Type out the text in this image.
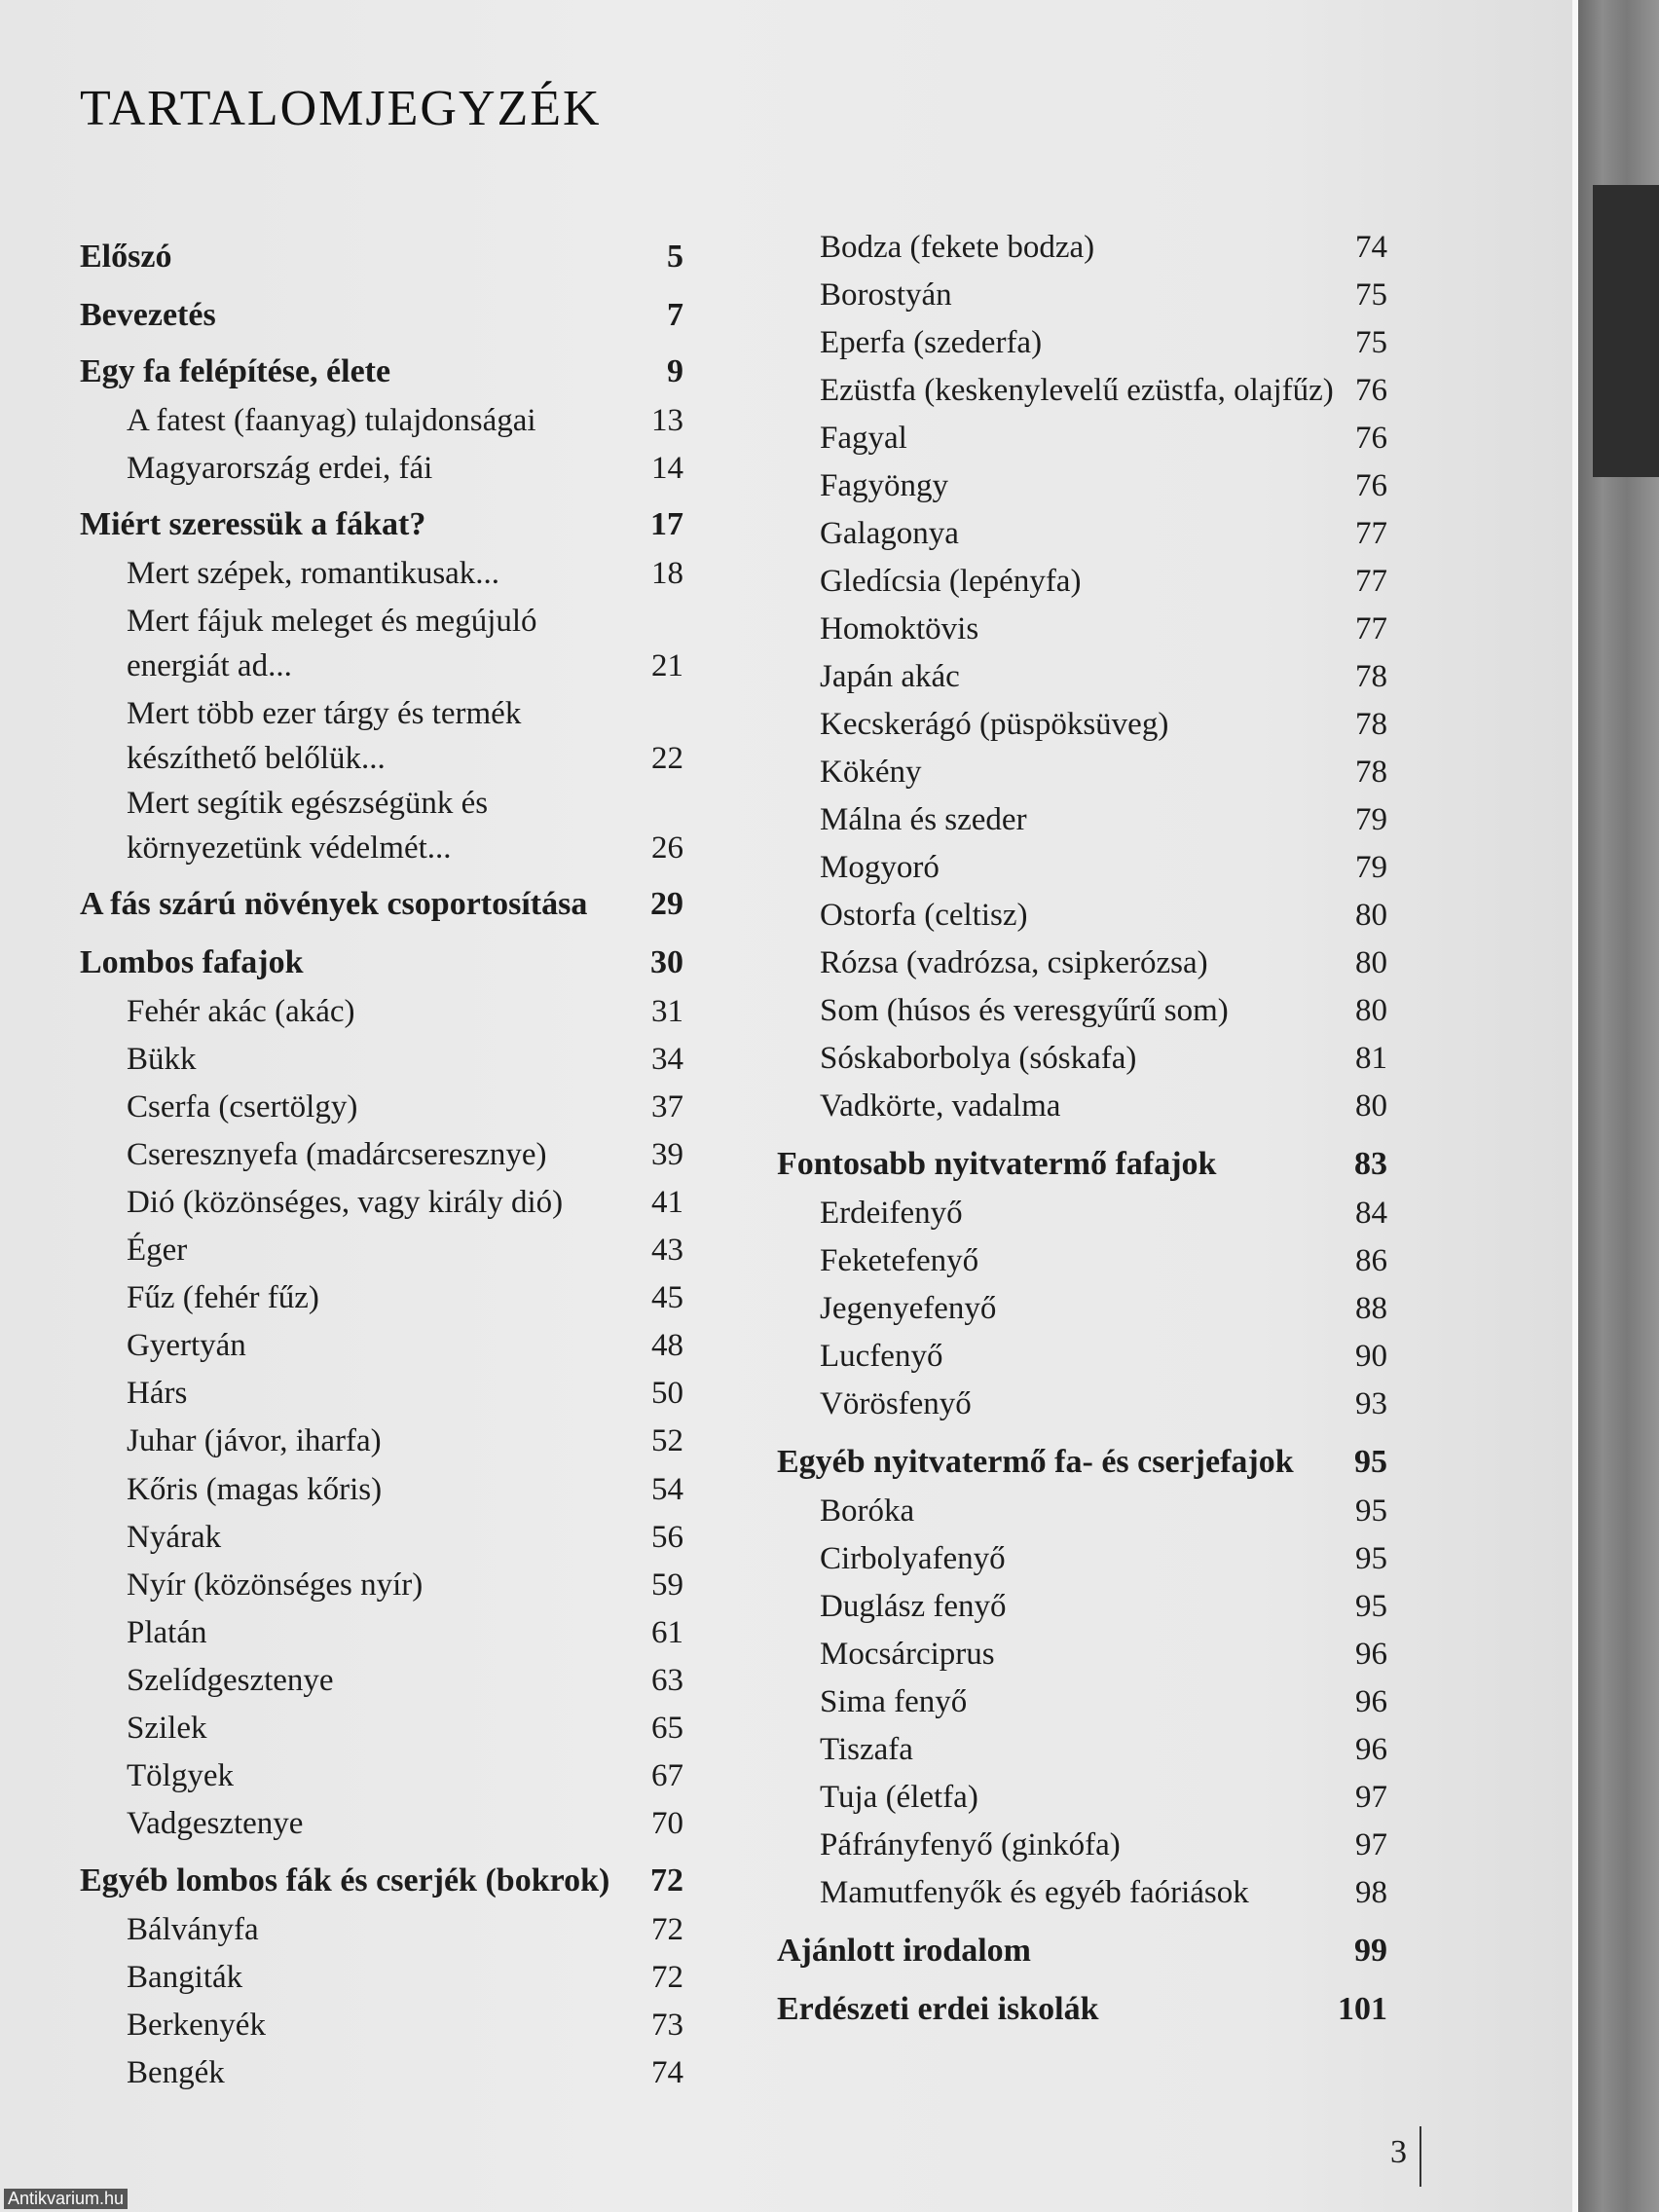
TARTALOMJEGYZÉK
Előszó	5
Bevezetés	7
Egy fa felépítése, élete	9
A fatest (faanyag) tulajdonságai	13
Magyarország erdei, fái	14
Miért szeressük a fákat?	17
Mert szépek, romantikusak...	18
Mert fájuk meleget és megújuló energiát ad...	21
Mert több ezer tárgy és termék készíthető belőlük...	22
Mert segítik egészségünk és környezetünk védelmét...	26
A fás szárú növények csoportosítása	29
Lombos fafajok	30
Fehér akác (akác)	31
Bükk	34
Cserfa (csertölgy)	37
Cseresznyefa (madárcseresznye)	39
Dió (közönséges, vagy király dió)	41
Éger	43
Fűz (fehér fűz)	45
Gyertyán	48
Hárs	50
Juhar (jávor, iharfa)	52
Kőris (magas kőris)	54
Nyárak	56
Nyír (közönséges nyír)	59
Platán	61
Szelídgesztenye	63
Szilek	65
Tölgyek	67
Vadgesztenye	70
Egyéb lombos fák és cserjék (bokrok)	72
Bálványfa	72
Bangiták	72
Berkenyék	73
Bengék	74
Bodza (fekete bodza)	74
Borostyán	75
Eperfa (szederfa)	75
Ezüstfa (keskenylevelű ezüstfa, olajfűz) 76
Fagyal	76
Fagyöngy	76
Galagonya	77
Gledícsia (lepényfa)	77
Homoktövis	77
Japán akác	78
Kecskerágó (püspöksüveg)	78
Kökény	78
Málna és szeder	79
Mogyoró	79
Ostorfa (celtisz)	80
Rózsa (vadrózsa, csipkerózsa)	80
Som (húsos és veresgyűrű som)	80
Sóskaborbolya (sóskafa)	81
Vadkörte, vadalma	80
Fontosabb nyitvatermő fafajok	83
Erdeifenyő	84
Feketefenyő	86
Jegenyefenyő	88
Lucfenyő	90
Vörösfenyő	93
Egyéb nyitvatermő fa- és cserjefajok	95
Boróka	95
Cirbolyafenyő	95
Duglász fenyő	95
Mocsárciprus	96
Sima fenyő	96
Tiszafa	96
Tuja (életfa)	97
Páfrányfenyő (ginkófa)	97
Mamutfenyők és egyéb faóriások	98
Ajánlott irodalom	99
Erdészeti erdei iskolák	101
3
Antikvarium.hu
